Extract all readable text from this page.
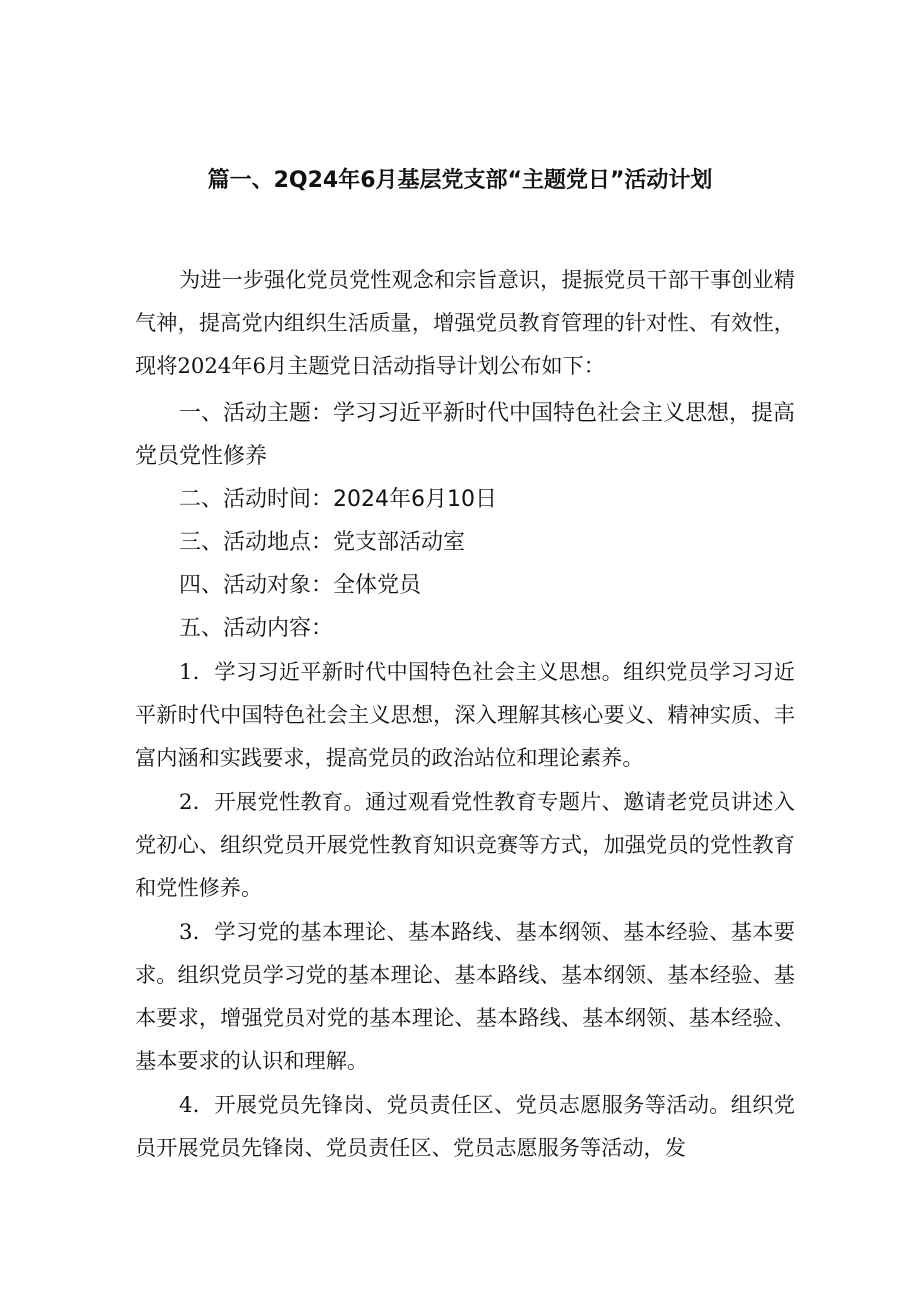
篇一、2Q24年6月基层党支部“主题党日”活动计划

为进一步强化党员党性观念和宗旨意识，提振党员干部干事创业精气神，提高党内组织生活质量，增强党员教育管理的针对性、有效性，现将2024年6月主题党日活动指导计划公布如下：

一、活动主题：学习习近平新时代中国特色社会主义思想，提高党员党性修养

二、活动时间：2024年6月10日

三、活动地点：党支部活动室

四、活动对象：全体党员

五、活动内容：

1．学习习近平新时代中国特色社会主义思想。组织党员学习习近平新时代中国特色社会主义思想，深入理解其核心要义、精神实质、丰富内涵和实践要求，提高党员的政治站位和理论素养。

2．开展党性教育。通过观看党性教育专题片、邀请老党员讲述入党初心、组织党员开展党性教育知识竞赛等方式，加强党员的党性教育和党性修养。

3．学习党的基本理论、基本路线、基本纲领、基本经验、基本要求。组织党员学习党的基本理论、基本路线、基本纲领、基本经验、基本要求，增强党员对党的基本理论、基本路线、基本纲领、基本经验、基本要求的认识和理解。

4．开展党员先锋岗、党员责任区、党员志愿服务等活动。组织党员开展党员先锋岗、党员责任区、党员志愿服务等活动，发
